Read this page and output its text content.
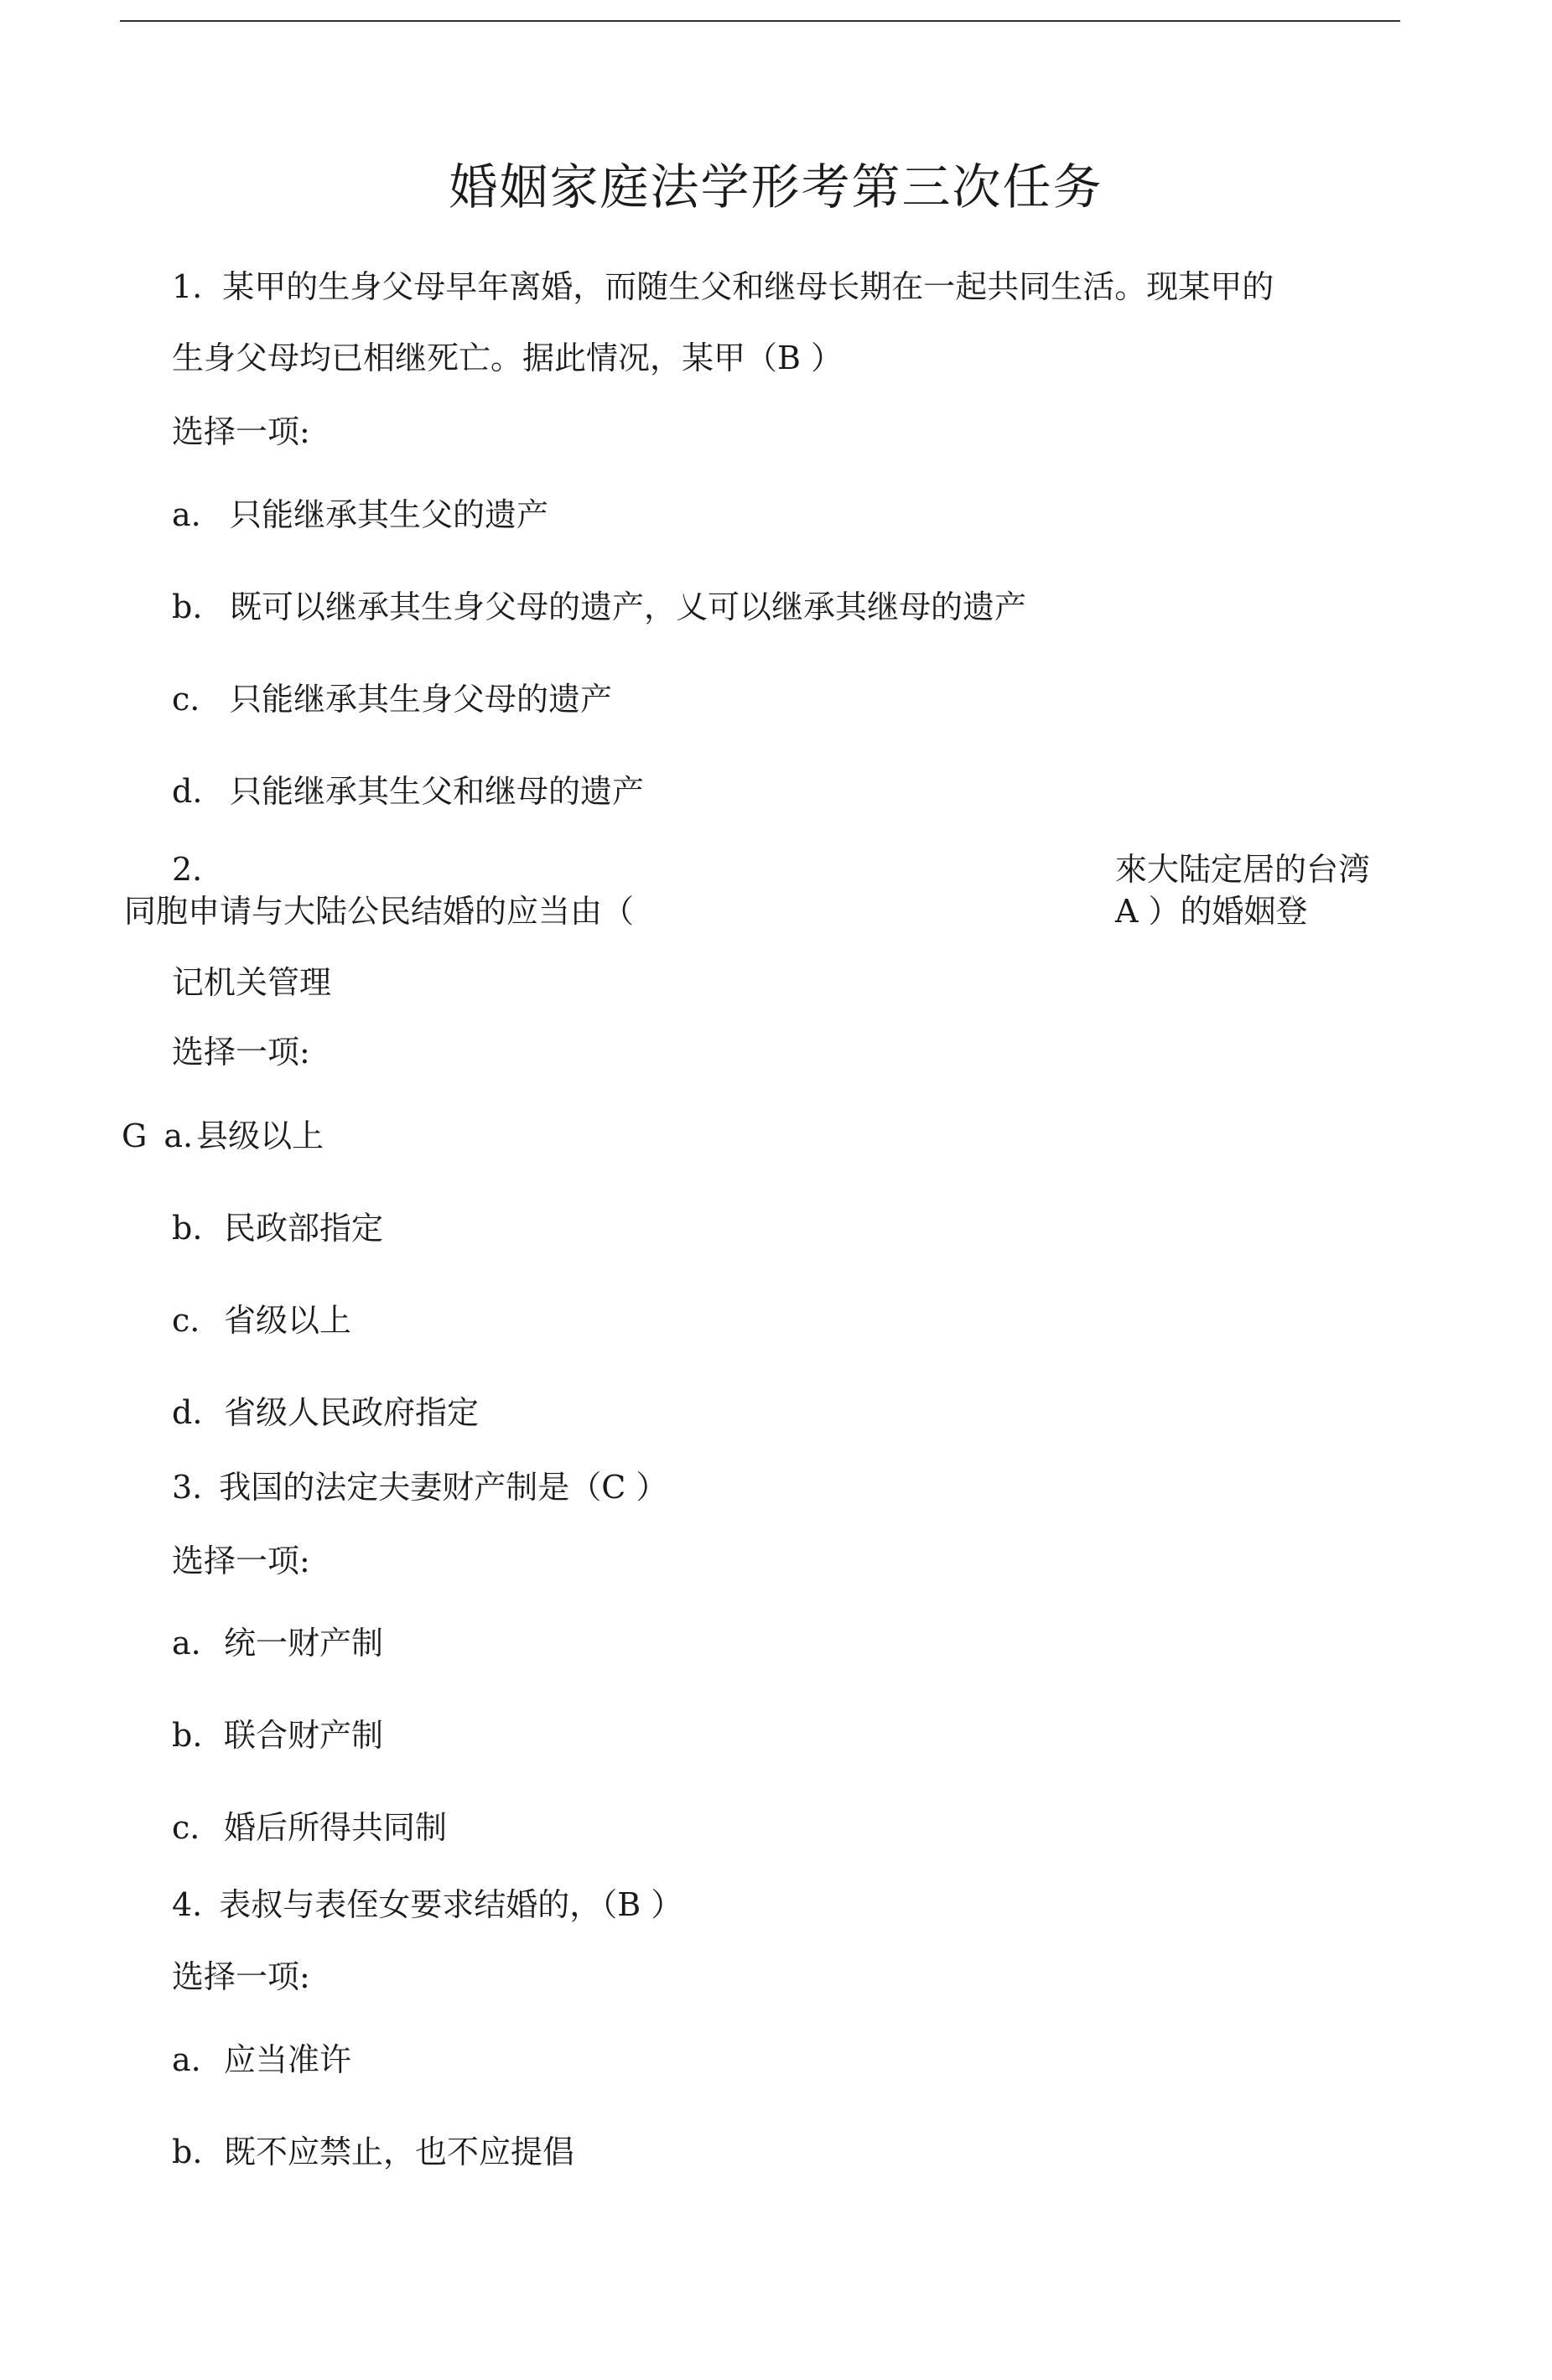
婚姻家庭法学形考第三次任务
1. 某甲的生身父母早年离婚，而随生父和继母长期在一起共同生活。现某甲的
生身父母均已相继死亡。据此情况，某甲（B ）
选择一项:
a. 只能继承其生父的遗产
b. 既可以继承其生身父母的遗产，乂可以继承其继母的遗产
c. 只能继承其生身父母的遗产
d. 只能继承其生父和继母的遗产
2.	來大陆定居的台湾
同胞申请与大陆公民结婚的应当由（	A ）的婚姻登
记机关管理
选择一项:
G a. 县级以上
b. 民政部指定
c. 省级以上
d. 省级人民政府指定
3. 我国的法定夫妻财产制是（C ）
选择一项:
a. 统一财产制
b. 联合财产制
c. 婚后所得共同制
4. 表叔与表侄女要求结婚的，（B ）
选择一项:
a. 应当准许
b. 既不应禁止，也不应提倡
